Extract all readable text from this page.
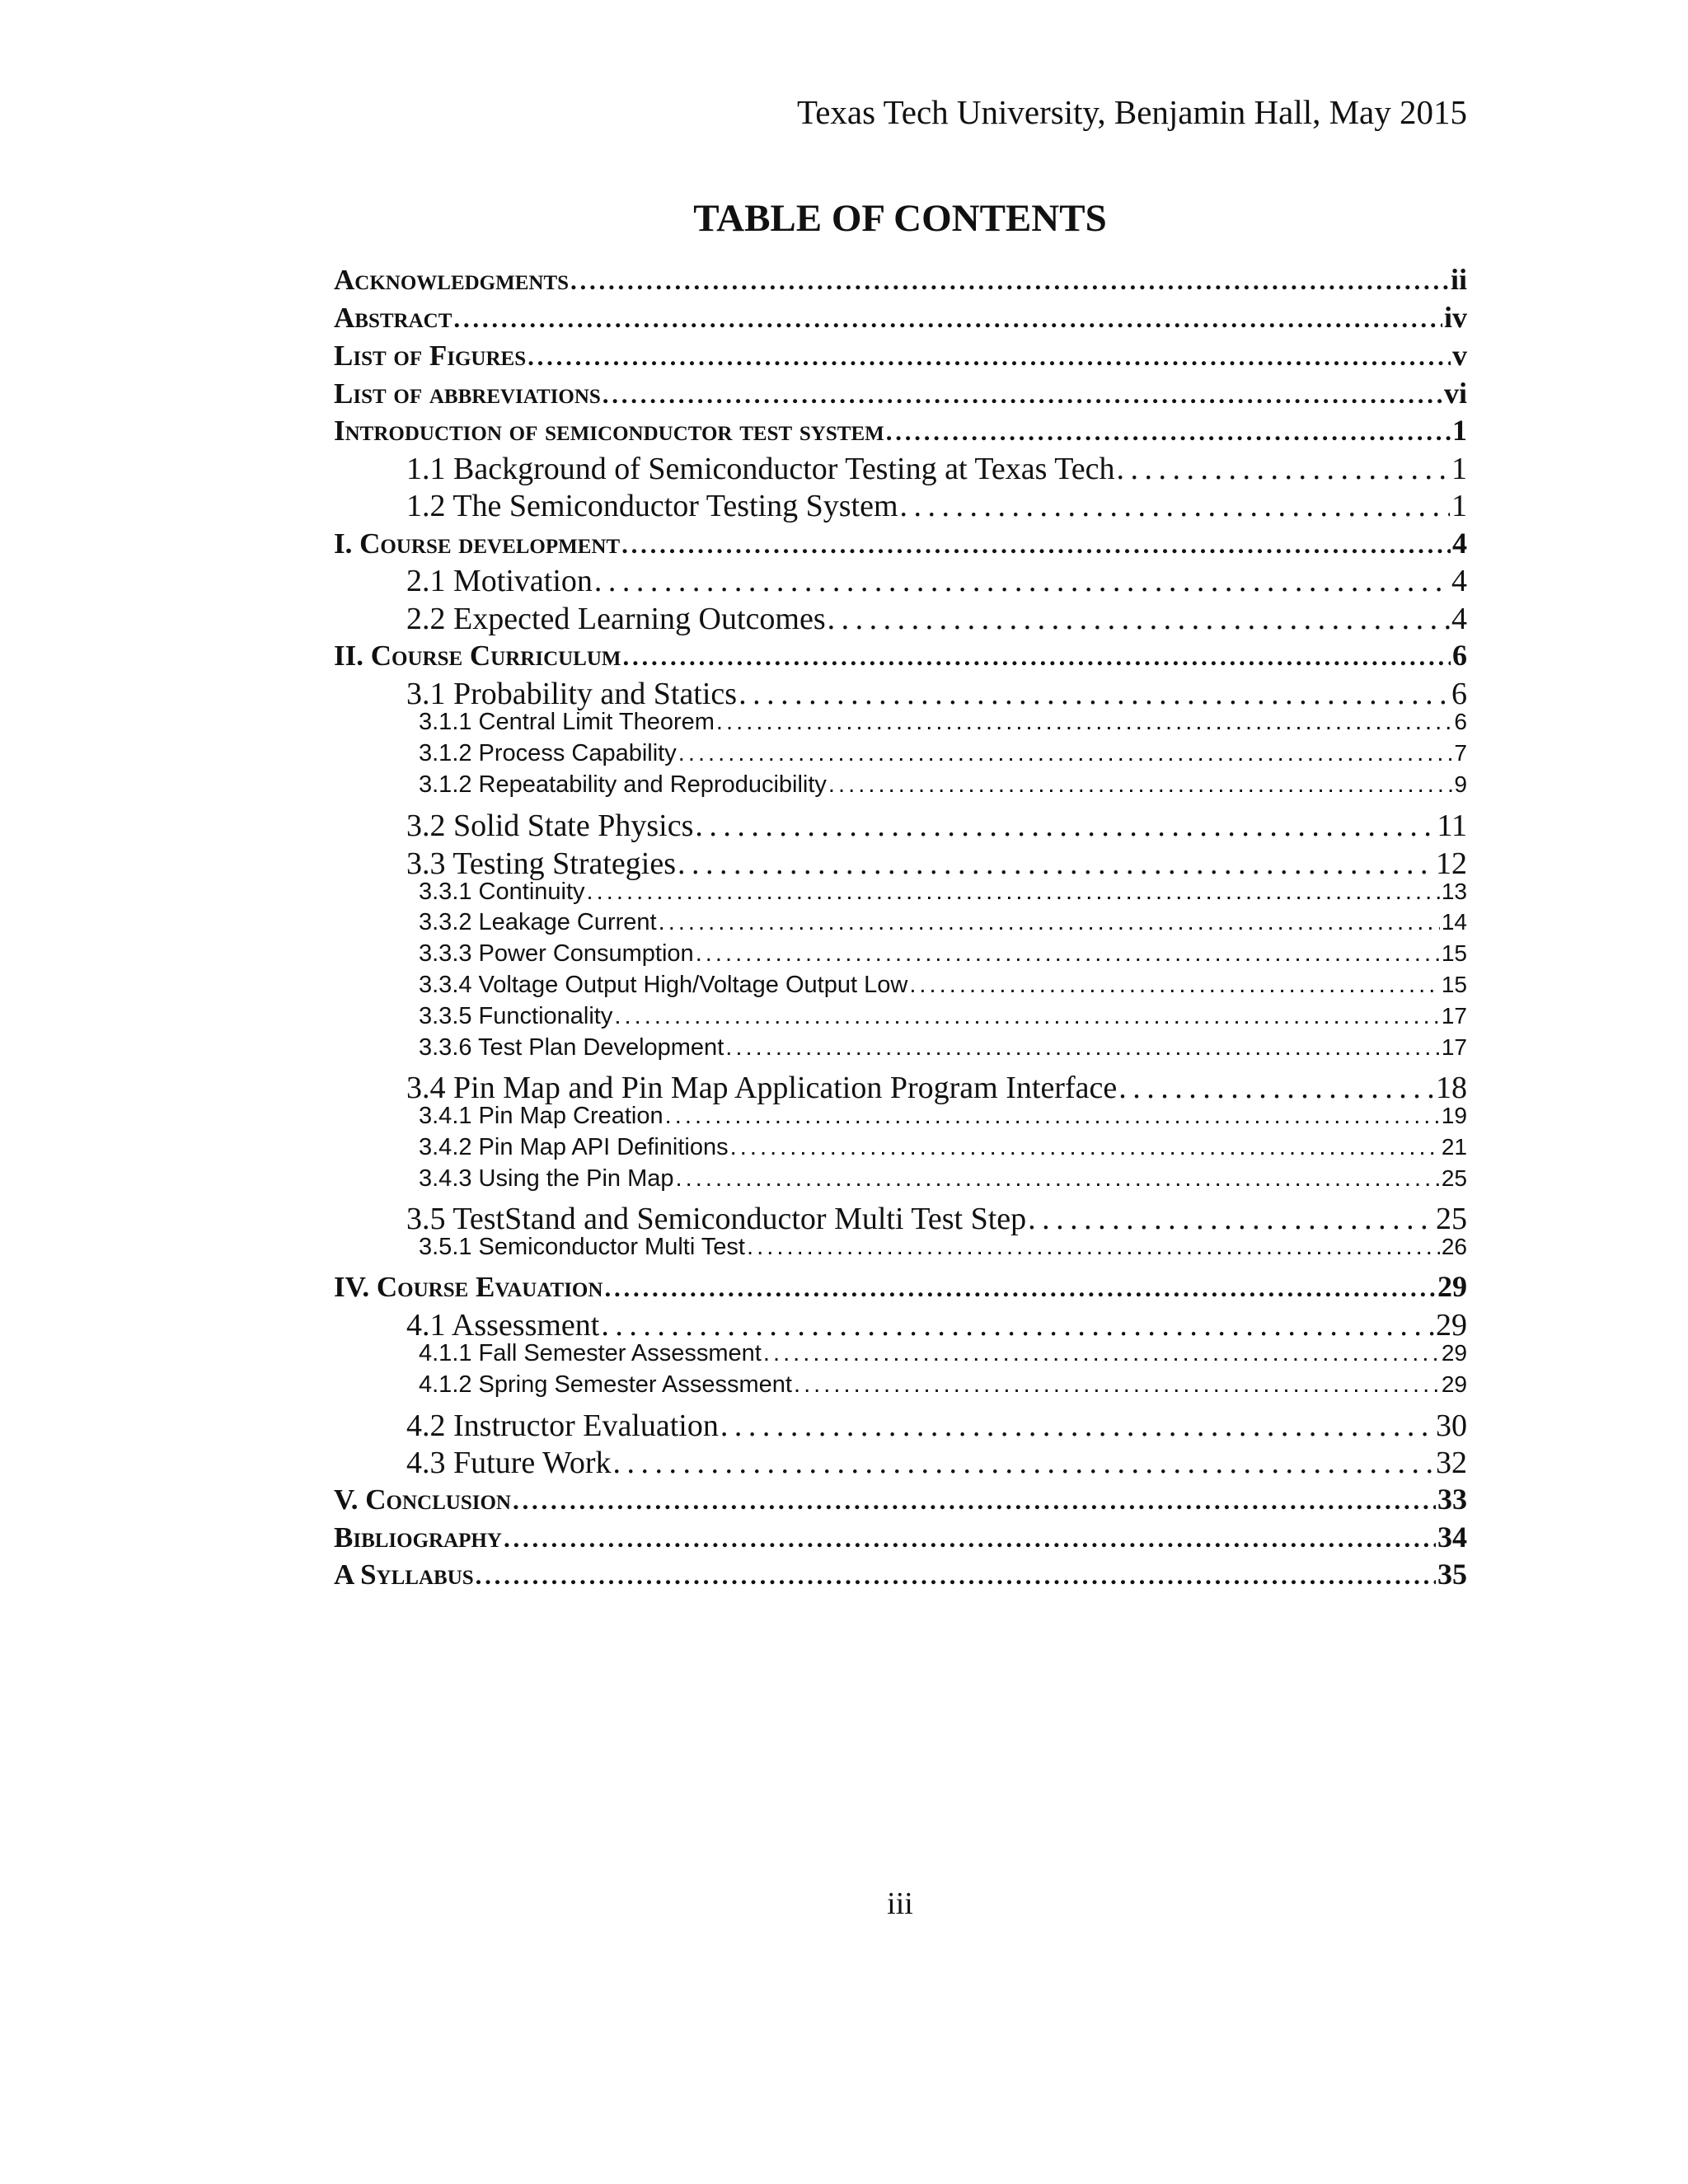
Texas Tech University, Benjamin Hall, May 2015
TABLE OF CONTENTS
Acknowledgments . . .	ii
Abstract . . .	iv
List of Figures . . .	v
List of abbreviations . . .	vi
Introduction of semiconductor test system . . .	1
1.1 Background of Semiconductor Testing at Texas Tech . . .	1
1.2 The Semiconductor Testing System . . .	1
I. Course development . . .	4
2.1 Motivation . . .	4
2.2 Expected Learning Outcomes . . .	4
II. Course Curriculum . . .	6
3.1 Probability and Statics . . .	6
3.1.1 Central Limit Theorem . . .	6
3.1.2 Process Capability . . .	7
3.1.2 Repeatability and Reproducibility . . .	9
3.2 Solid State Physics . . .	11
3.3 Testing Strategies . . .	12
3.3.1 Continuity . . .	13
3.3.2 Leakage Current . . .	14
3.3.3 Power Consumption . . .	15
3.3.4 Voltage Output High/Voltage Output Low . . .	15
3.3.5 Functionality . . .	17
3.3.6 Test Plan Development . . .	17
3.4 Pin Map and Pin Map Application Program Interface . . .	18
3.4.1 Pin Map Creation . . .	19
3.4.2 Pin Map API Definitions . . .	21
3.4.3 Using the Pin Map . . .	25
3.5 TestStand and Semiconductor Multi Test Step . . .	25
3.5.1 Semiconductor Multi Test . . .	26
IV. Course Evauation . . .	29
4.1 Assessment . . .	29
4.1.1 Fall Semester Assessment . . .	29
4.1.2 Spring Semester Assessment . . .	29
4.2 Instructor Evaluation . . .	30
4.3 Future Work . . .	32
V. Conclusion . . .	33
Bibliography . . .	34
A Syllabus . . .	35
iii
